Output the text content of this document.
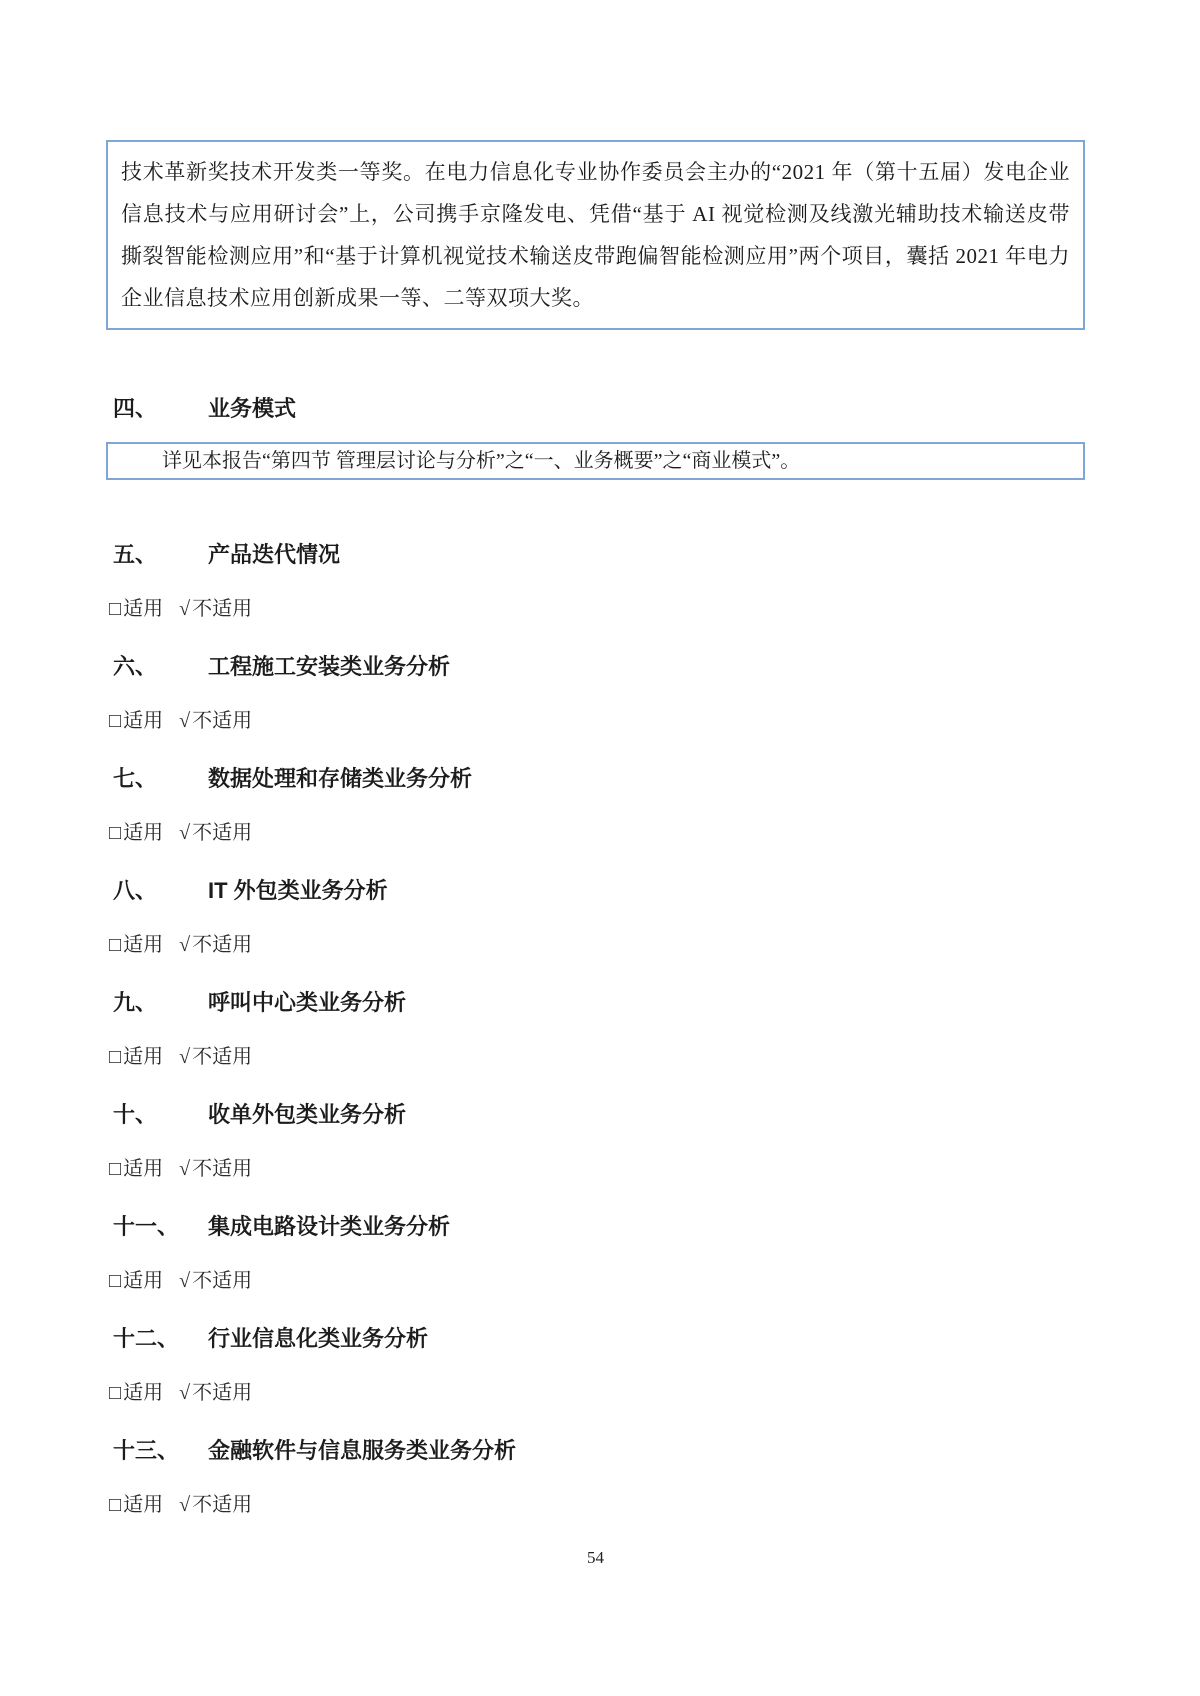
技术革新奖技术开发类一等奖。在电力信息化专业协作委员会主办的“2021 年（第十五届）发电企业信息技术与应用研讨会”上，公司携手京隆发电、凭借“基于 AI 视觉检测及线激光辅助技术输送皮带撕裂智能检测应用”和“基于计算机视觉技术输送皮带跑偏智能检测应用”两个项目，囊括 2021 年电力企业信息技术应用创新成果一等、二等双项大奖。

四、	业务模式
详见本报告“第四节 管理层讨论与分析”之“一、业务概要”之“商业模式”。
五、	产品迭代情况
□ 适用 √ 不适用
六、	工程施工安装类业务分析
□ 适用 √ 不适用
七、	数据处理和存储类业务分析
□ 适用 √ 不适用
八、	IT 外包类业务分析
□ 适用 √ 不适用
九、	呼叫中心类业务分析
□ 适用 √ 不适用
十、	收单外包类业务分析
□ 适用 √ 不适用
十一、	集成电路设计类业务分析
□ 适用 √ 不适用
十二、	行业信息化类业务分析
□ 适用 √ 不适用
十三、	金融软件与信息服务类业务分析
□ 适用 √ 不适用
54
